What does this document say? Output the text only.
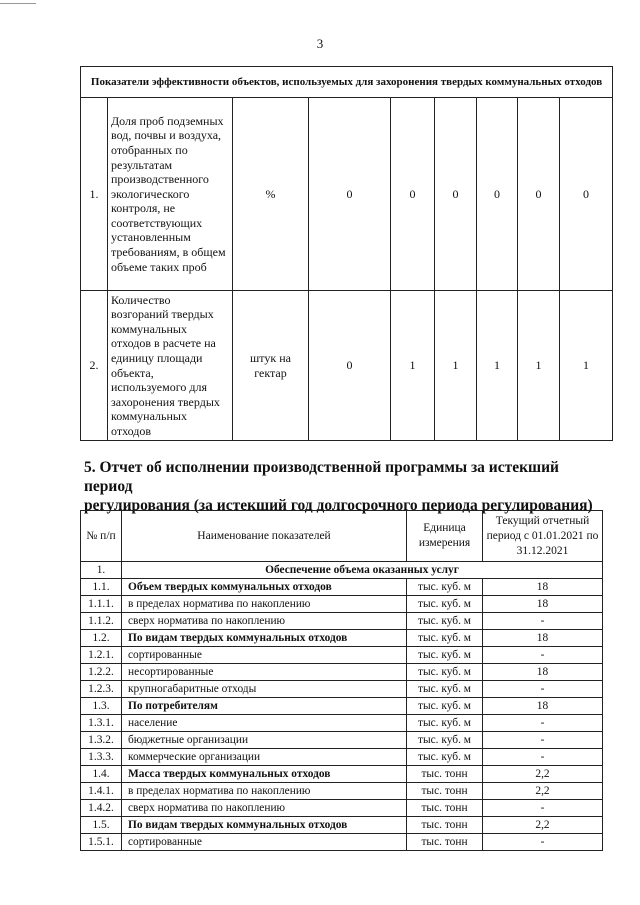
3
Показатели эффективности объектов, используемых для захоронения твердых коммунальных отходов								
1.	Доля проб подземных вод, почвы и воздуха, отобранных по результатам производственного экологического контроля, не соответствующих установленным требованиям, в общем объеме таких проб	%	0	0	0	0	0	0
2.	Количество возгораний твердых коммунальных отходов в расчете на единицу площади объекта, используемого для захоронения твердых коммунальных отходов	штук на гектар	0	1	1	1	1	1
5. Отчет об исполнении производственной программы за истекший период
регулирования (за истекший год долгосрочного периода регулирования)
№ п/п	Наименование показателей	Единица измерения	Текущий отчетный период с 01.01.2021 по 31.12.2021
1.	Обеспечение объема оказанных услуг		
1.1.	Объем твердых коммунальных отходов	тыс. куб. м	18
1.1.1.	в пределах норматива по накоплению	тыс. куб. м	18
1.1.2.	сверх норматива по накоплению	тыс. куб. м	-
1.2.	По видам твердых коммунальных отходов	тыс. куб. м	18
1.2.1.	сортированные	тыс. куб. м	-
1.2.2.	несортированные	тыс. куб. м	18
1.2.3.	крупногабаритные отходы	тыс. куб. м	-
1.3.	По потребителям	тыс. куб. м	18
1.3.1.	население	тыс. куб. м	-
1.3.2.	бюджетные организации	тыс. куб. м	-
1.3.3.	коммерческие организации	тыс. куб. м	-
1.4.	Масса твердых коммунальных отходов	тыс. тонн	2,2
1.4.1.	в пределах норматива по накоплению	тыс. тонн	2,2
1.4.2.	сверх норматива по накоплению	тыс. тонн	-
1.5.	По видам твердых коммунальных отходов	тыс. тонн	2,2
1.5.1.	сортированные	тыс. тонн	-
